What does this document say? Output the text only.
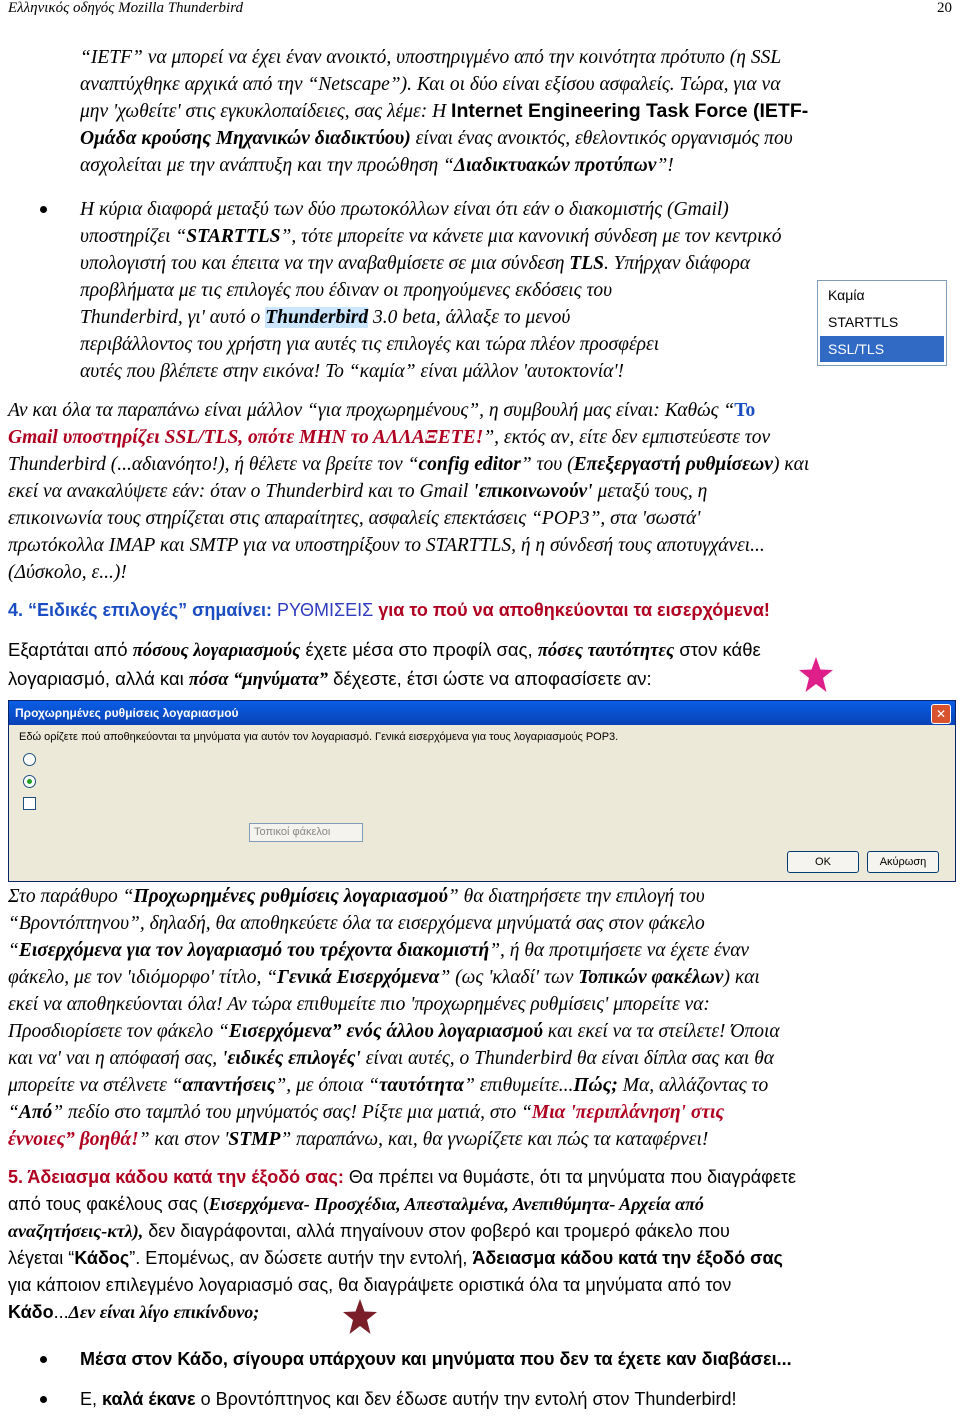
Ελληνικός οδηγός Mozilla Thunderbird	20
“IETF” να μπορεί να έχει έναν ανοικτό, υποστηριγμένο από την κοινότητα πρότυπο (η SSL
αναπτύχθηκε αρχικά από την “Netscape”). Και οι δύο είναι εξίσου ασφαλείς. Τώρα, για να
μην 'χωθείτε' στις εγκυκλοπαίδειες, σας λέμε: Η Internet Engineering Task Force (IETF-
Ομάδα κρούσης Μηχανικών διαδικτύου) είναι ένας ανοικτός, εθελοντικός οργανισμός που
ασχολείται με την ανάπτυξη και την προώθηση “Διαδικτυακών προτύπων”!
Η κύρια διαφορά μεταξύ των δύο πρωτοκόλλων είναι ότι εάν ο διακομιστής (Gmail)
υποστηρίζει “STARTTLS”, τότε μπορείτε να κάνετε μια κανονική σύνδεση με τον κεντρικό
υπολογιστή του και έπειτα να την αναβαθμίσετε σε μια σύνδεση TLS. Υπήρχαν διάφορα
προβλήματα με τις επιλογές που έδιναν οι προηγούμενες εκδόσεις του
Thunderbird, γι' αυτό ο Thunderbird 3.0 beta, άλλαξε το μενού
περιβάλλοντος του χρήστη για αυτές τις επιλογές και τώρα πλέον προσφέρει
αυτές που βλέπετε στην εικόνα! Το “καμία” είναι μάλλον 'αυτοκτονία'!
Καμία
STARTTLS
SSL/TLS
Αν και όλα τα παραπάνω είναι μάλλον “για προχωρημένους”, η συμβουλή μας είναι: Καθώς “Το
Gmail υποστηρίζει SSL/TLS, οπότε ΜΗΝ το ΑΛΛΑΞΕΤΕ!”, εκτός αν, είτε δεν εμπιστεύεστε τον
Thunderbird (...αδιανόητο!), ή θέλετε να βρείτε τον “config editor” του (Επεξεργαστή ρυθμίσεων) και
εκεί να ανακαλύψετε εάν: όταν ο Thunderbird και το Gmail 'επικοινωνούν' μεταξύ τους, η
επικοινωνία τους στηρίζεται στις απαραίτητες, ασφαλείς επεκτάσεις “POP3”, στα 'σωστά'
πρωτόκολλα IMAP και SMTP για να υποστηρίξουν το STARTTLS, ή η σύνδεσή τους αποτυγχάνει...
(Δύσκολο, ε...)!
4. “Ειδικές επιλογές” σημαίνει: ΡΥΘΜΙΣΕΙΣ για το πού να αποθηκεύονται τα εισερχόμενα!
Εξαρτάται από πόσους λογαριασμούς έχετε μέσα στο προφίλ σας, πόσες ταυτότητες στον κάθε
λογαριασμό, αλλά και πόσα “μηνύματα” δέχεστε, έτσι ώστε να αποφασίσετε αν:
Προχωρημένες ρυθμίσεις λογαριασμού	✕
Εδώ ορίζετε πού αποθηκεύονται τα μηνύματα για αυτόν τον λογαριασμό. Γενικά εισερχόμενα για τους λογαριασμούς POP3.
Τοπικοί φάκελοι
ΟΚ	Ακύρωση
Στο παράθυρο “Προχωρημένες ρυθμίσεις λογαριασμού” θα διατηρήσετε την επιλογή του
“Βροντόπτηνου”, δηλαδή, θα αποθηκεύετε όλα τα εισερχόμενα μηνύματά σας στον φάκελο
“Εισερχόμενα για τον λογαριασμό του τρέχοντα διακομιστή”, ή θα προτιμήσετε να έχετε έναν
φάκελο, με τον 'ιδιόμορφο' τίτλο, “Γενικά Εισερχόμενα” (ως 'κλαδί' των Τοπικών φακέλων) και
εκεί να αποθηκεύονται όλα! Αν τώρα επιθυμείτε πιο 'προχωρημένες ρυθμίσεις' μπορείτε να:
Προσδιορίσετε τον φάκελο “Εισερχόμενα” ενός άλλου λογαριασμού και εκεί να τα στείλετε! Όποια
και να' ναι η απόφασή σας, 'ειδικές επιλογές' είναι αυτές, ο Thunderbird θα είναι δίπλα σας και θα
μπορείτε να στέλνετε “απαντήσεις”, με όποια “ταυτότητα” επιθυμείτε...Πώς; Μα, αλλάζοντας το
“Από” πεδίο στο ταμπλό του μηνύματός σας! Ρίξτε μια ματιά, στο “Μια 'περιπλάνηση' στις
έννοιες” βοηθά!” και στον 'STMP” παραπάνω, και, θα γνωρίζετε και πώς τα καταφέρνει!
5. Άδειασμα κάδου κατά την έξοδό σας: Θα πρέπει να θυμάστε, ότι τα μηνύματα που διαγράφετε
από τους φακέλους σας (Εισερχόμενα- Προσχέδια, Απεσταλμένα, Ανεπιθύμητα- Αρχεία από
αναζητήσεις-κτλ), δεν διαγράφονται, αλλά πηγαίνουν στον φοβερό και τρομερό φάκελο που
λέγεται “Κάδος”. Επομένως, αν δώσετε αυτήν την εντολή, Άδειασμα κάδου κατά την έξοδό σας
για κάποιον επιλεγμένο λογαριασμό σας, θα διαγράψετε οριστικά όλα τα μηνύματα από τον
Κάδο...Δεν είναι λίγο επικίνδυνο;
Μέσα στον Κάδο, σίγουρα υπάρχουν και μηνύματα που δεν τα έχετε καν διαβάσει...
Ε, καλά έκανε ο Βροντόπτηνος και δεν έδωσε αυτήν την εντολή στον Thunderbird!
